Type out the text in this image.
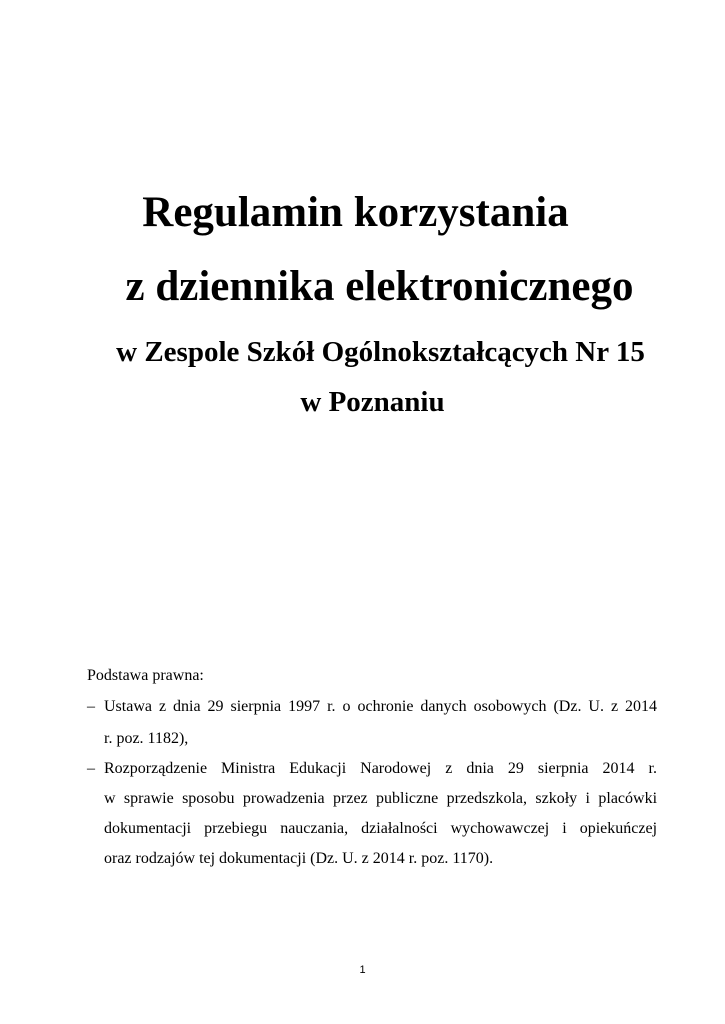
Regulamin korzystania
z dziennika elektronicznego
w Zespole Szkół Ogólnokształcących Nr 15
w Poznaniu
Podstawa prawna:
– Ustawa z dnia 29 sierpnia 1997 r. o ochronie danych osobowych (Dz. U. z 2014
r. poz. 1182),
– Rozporządzenie Ministra Edukacji Narodowej z dnia 29 sierpnia 2014 r.
w sprawie sposobu prowadzenia przez publiczne przedszkola, szkoły i placówki
dokumentacji przebiegu nauczania, działalności wychowawczej i opiekuńczej
oraz rodzajów tej dokumentacji (Dz. U. z 2014 r. poz. 1170).
1
